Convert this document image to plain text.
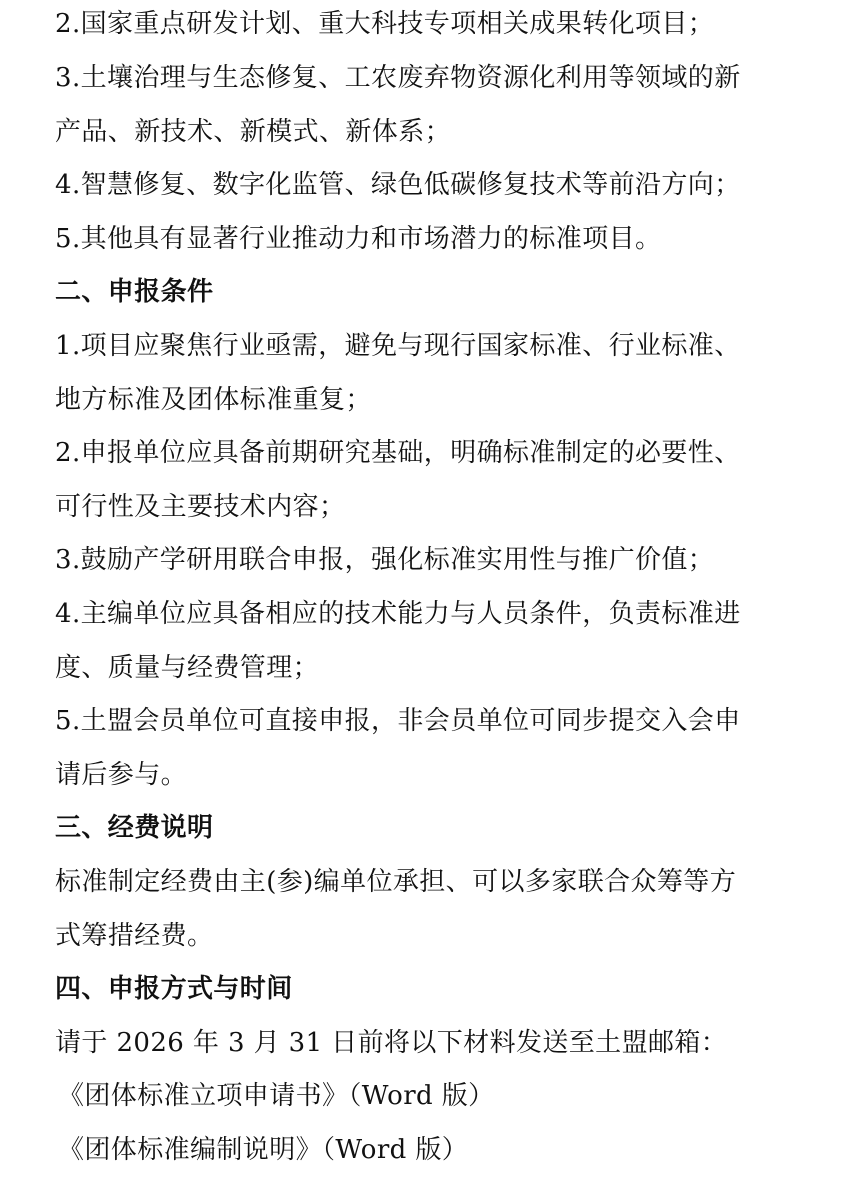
2.国家重点研发计划、重大科技专项相关成果转化项目；
3.土壤治理与生态修复、工农废弃物资源化利用等领域的新
产品、新技术、新模式、新体系；
4.智慧修复、数字化监管、绿色低碳修复技术等前沿方向；
5.其他具有显著行业推动力和市场潜力的标准项目。
二、申报条件
1.项目应聚焦行业亟需，避免与现行国家标准、行业标准、
地方标准及团体标准重复；
2.申报单位应具备前期研究基础，明确标准制定的必要性、
可行性及主要技术内容；
3.鼓励产学研用联合申报，强化标准实用性与推广价值；
4.主编单位应具备相应的技术能力与人员条件，负责标准进
度、质量与经费管理；
5.土盟会员单位可直接申报，非会员单位可同步提交入会申
请后参与。
三、经费说明
标准制定经费由主(参)编单位承担、可以多家联合众筹等方
式筹措经费。
四、申报方式与时间
请于 2026 年 3 月 31 日前将以下材料发送至土盟邮箱：
《团体标准立项申请书》（Word 版）
《团体标准编制说明》（Word 版）
